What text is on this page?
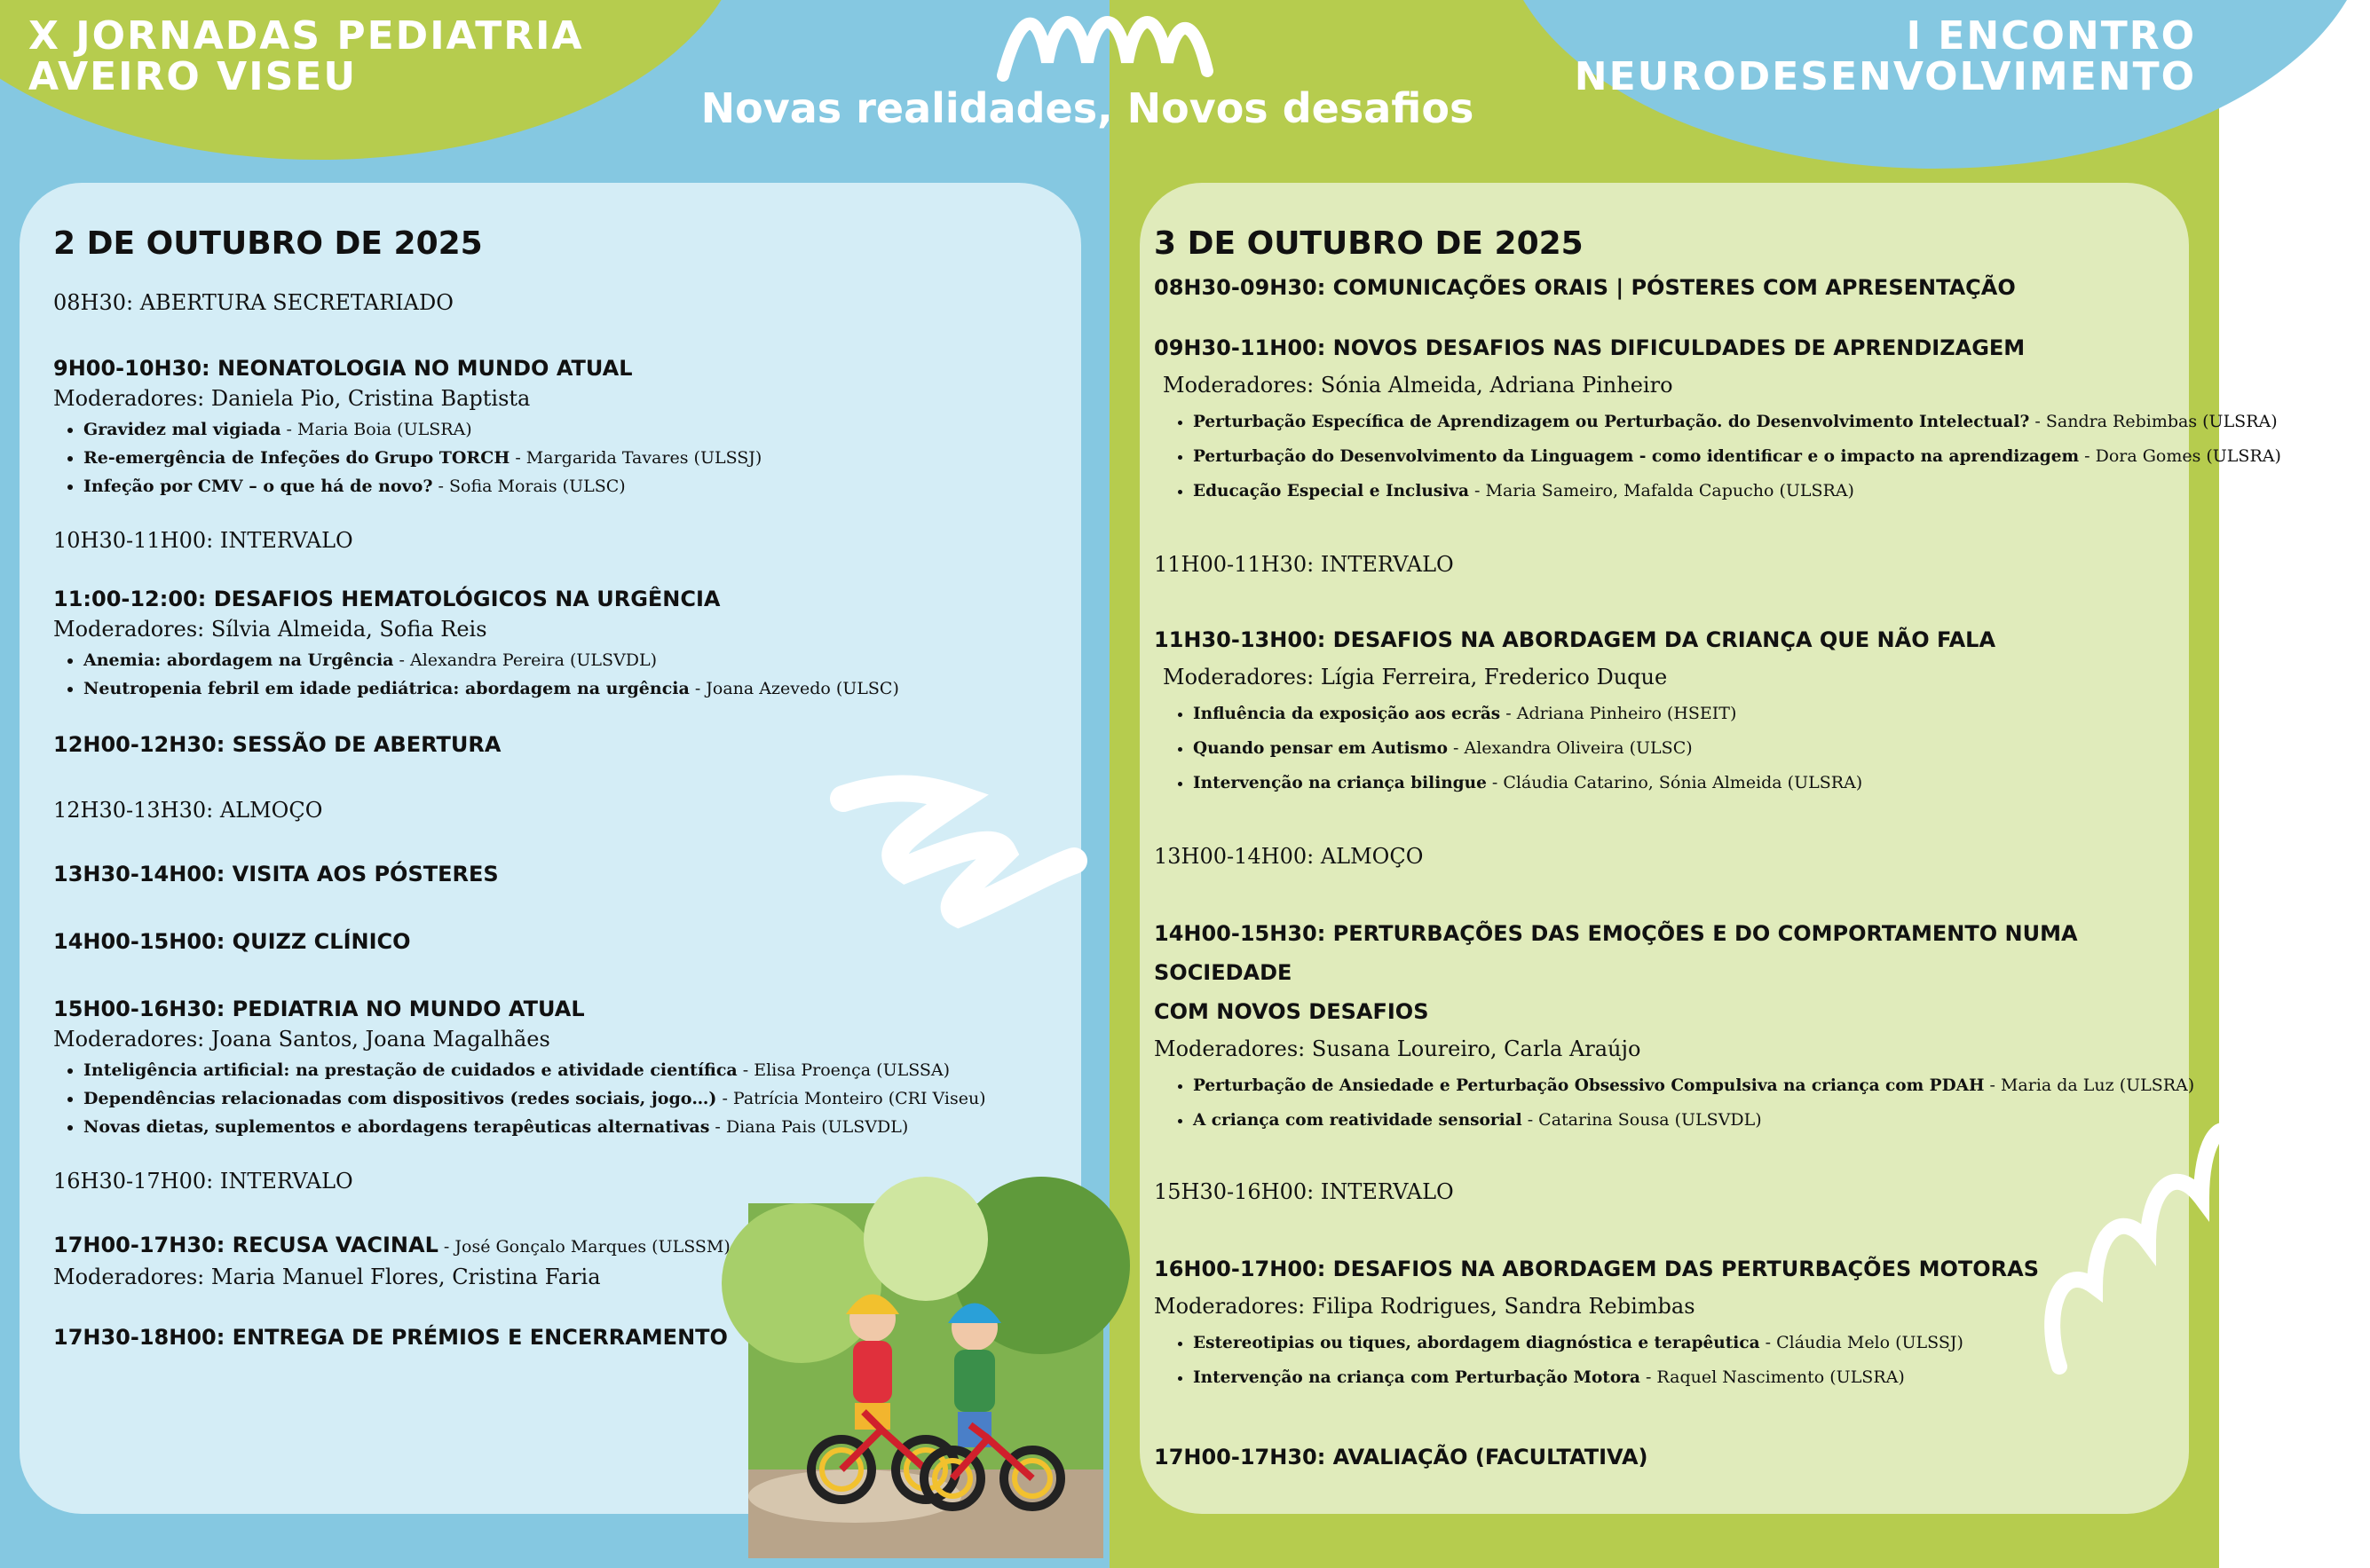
X JORNADAS PEDIATRIA
AVEIRO VISEU
I ENCONTRO
NEURODESENVOLVIMENTO
Novas realidades, Novos desafios
2 DE OUTUBRO DE 2025
08H30: ABERTURA SECRETARIADO
9H00-10H30: NEONATOLOGIA NO MUNDO ATUAL
Moderadores: Daniela Pio, Cristina Baptista
• Gravidez mal vigiada - Maria Boia (ULSRA)
• Re-emergência de Infeções do Grupo TORCH - Margarida Tavares (ULSSJ)
• Infeção por CMV – o que há de novo? - Sofia Morais (ULSC)
10H30-11H00: INTERVALO
11:00-12:00: DESAFIOS HEMATOLÓGICOS NA URGÊNCIA
Moderadores: Sílvia Almeida, Sofia Reis
• Anemia: abordagem na Urgência - Alexandra Pereira (ULSVDL)
• Neutropenia febril em idade pediátrica: abordagem na urgência - Joana Azevedo (ULSC)
12H00-12H30: SESSÃO DE ABERTURA
12H30-13H30: ALMOÇO
13H30-14H00: VISITA AOS PÓSTERES
14H00-15H00: QUIZZ CLÍNICO
15H00-16H30: PEDIATRIA NO MUNDO ATUAL
Moderadores: Joana Santos, Joana Magalhães
• Inteligência artificial: na prestação de cuidados e atividade científica - Elisa Proença (ULSSA)
• Dependências relacionadas com dispositivos (redes sociais, jogo…) - Patrícia Monteiro (CRI Viseu)
• Novas dietas, suplementos e abordagens terapêuticas alternativas - Diana Pais (ULSVDL)
16H30-17H00: INTERVALO
17H00-17H30: RECUSA VACINAL - José Gonçalo Marques (ULSSM)
Moderadores: Maria Manuel Flores, Cristina Faria
17H30-18H00: ENTREGA DE PRÉMIOS E ENCERRAMENTO
3 DE OUTUBRO DE 2025
08H30-09H30: COMUNICAÇÕES ORAIS | PÓSTERES COM APRESENTAÇÃO
09H30-11H00: NOVOS DESAFIOS NAS DIFICULDADES DE APRENDIZAGEM
Moderadores: Sónia Almeida, Adriana Pinheiro
• Perturbação Específica de Aprendizagem ou Perturbação. do Desenvolvimento Intelectual? - Sandra Rebimbas (ULSRA)
• Perturbação do Desenvolvimento da Linguagem - como identificar e o impacto na aprendizagem - Dora Gomes (ULSRA)
• Educação Especial e Inclusiva - Maria Sameiro, Mafalda Capucho (ULSRA)
11H00-11H30: INTERVALO
11H30-13H00: DESAFIOS NA ABORDAGEM DA CRIANÇA QUE NÃO FALA
Moderadores: Lígia Ferreira, Frederico Duque
• Influência da exposição aos ecrãs - Adriana Pinheiro (HSEIT)
• Quando pensar em Autismo - Alexandra Oliveira (ULSC)
• Intervenção na criança bilingue - Cláudia Catarino, Sónia Almeida (ULSRA)
13H00-14H00: ALMOÇO
14H00-15H30: PERTURBAÇÕES DAS EMOÇÕES E DO COMPORTAMENTO NUMA SOCIEDADE
COM NOVOS DESAFIOS
Moderadores: Susana Loureiro, Carla Araújo
• Perturbação de Ansiedade e Perturbação Obsessivo Compulsiva na criança com PDAH - Maria da Luz (ULSRA)
• A criança com reatividade sensorial - Catarina Sousa (ULSVDL)
15H30-16H00: INTERVALO
16H00-17H00: DESAFIOS NA ABORDAGEM DAS PERTURBAÇÕES MOTORAS
Moderadores: Filipa Rodrigues, Sandra Rebimbas
• Estereotipias ou tiques, abordagem diagnóstica e terapêutica - Cláudia Melo (ULSSJ)
• Intervenção na criança com Perturbação Motora - Raquel Nascimento (ULSRA)
17H00-17H30: AVALIAÇÃO (FACULTATIVA)
